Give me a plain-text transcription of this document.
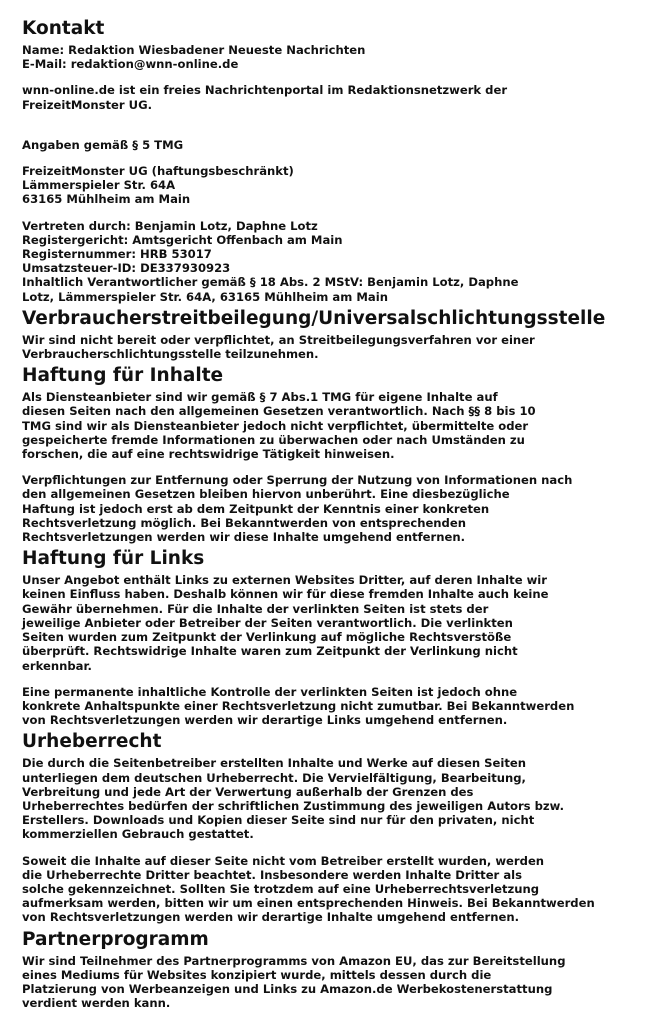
Kontakt
Name: Redaktion Wiesbadener Neueste Nachrichten
E-Mail: redaktion@wnn-online.de
wnn-online.de ist ein freies Nachrichtenportal im Redaktionsnetzwerk der
FreizeitMonster UG.
Angaben gemäß § 5 TMG
FreizeitMonster UG (haftungsbeschränkt)
Lämmerspieler Str. 64A
63165 Mühlheim am Main
Vertreten durch: Benjamin Lotz, Daphne Lotz
Registergericht: Amtsgericht Offenbach am Main
Registernummer: HRB 53017
Umsatzsteuer-ID: DE337930923
Inhaltlich Verantwortlicher gemäß § 18 Abs. 2 MStV: Benjamin Lotz, Daphne
Lotz, Lämmerspieler Str. 64A, 63165 Mühlheim am Main
Verbraucherstreitbeilegung/Universalschlichtungsstelle
Wir sind nicht bereit oder verpflichtet, an Streitbeilegungsverfahren vor einer
Verbraucherschlichtungsstelle teilzunehmen.
Haftung für Inhalte
Als Diensteanbieter sind wir gemäß § 7 Abs.1 TMG für eigene Inhalte auf
diesen Seiten nach den allgemeinen Gesetzen verantwortlich. Nach §§ 8 bis 10
TMG sind wir als Diensteanbieter jedoch nicht verpflichtet, übermittelte oder
gespeicherte fremde Informationen zu überwachen oder nach Umständen zu
forschen, die auf eine rechtswidrige Tätigkeit hinweisen.
Verpflichtungen zur Entfernung oder Sperrung der Nutzung von Informationen nach
den allgemeinen Gesetzen bleiben hiervon unberührt. Eine diesbezügliche
Haftung ist jedoch erst ab dem Zeitpunkt der Kenntnis einer konkreten
Rechtsverletzung möglich. Bei Bekanntwerden von entsprechenden
Rechtsverletzungen werden wir diese Inhalte umgehend entfernen.
Haftung für Links
Unser Angebot enthält Links zu externen Websites Dritter, auf deren Inhalte wir
keinen Einfluss haben. Deshalb können wir für diese fremden Inhalte auch keine
Gewähr übernehmen. Für die Inhalte der verlinkten Seiten ist stets der
jeweilige Anbieter oder Betreiber der Seiten verantwortlich. Die verlinkten
Seiten wurden zum Zeitpunkt der Verlinkung auf mögliche Rechtsverstöße
überprüft. Rechtswidrige Inhalte waren zum Zeitpunkt der Verlinkung nicht
erkennbar.
Eine permanente inhaltliche Kontrolle der verlinkten Seiten ist jedoch ohne
konkrete Anhaltspunkte einer Rechtsverletzung nicht zumutbar. Bei Bekanntwerden
von Rechtsverletzungen werden wir derartige Links umgehend entfernen.
Urheberrecht
Die durch die Seitenbetreiber erstellten Inhalte und Werke auf diesen Seiten
unterliegen dem deutschen Urheberrecht. Die Vervielfältigung, Bearbeitung,
Verbreitung und jede Art der Verwertung außerhalb der Grenzen des
Urheberrechtes bedürfen der schriftlichen Zustimmung des jeweiligen Autors bzw.
Erstellers. Downloads und Kopien dieser Seite sind nur für den privaten, nicht
kommerziellen Gebrauch gestattet.
Soweit die Inhalte auf dieser Seite nicht vom Betreiber erstellt wurden, werden
die Urheberrechte Dritter beachtet. Insbesondere werden Inhalte Dritter als
solche gekennzeichnet. Sollten Sie trotzdem auf eine Urheberrechtsverletzung
aufmerksam werden, bitten wir um einen entsprechenden Hinweis. Bei Bekanntwerden
von Rechtsverletzungen werden wir derartige Inhalte umgehend entfernen.
Partnerprogramm
Wir sind Teilnehmer des Partnerprogramms von Amazon EU, das zur Bereitstellung
eines Mediums für Websites konzipiert wurde, mittels dessen durch die
Platzierung von Werbeanzeigen und Links zu Amazon.de Werbekostenerstattung
verdient werden kann.
